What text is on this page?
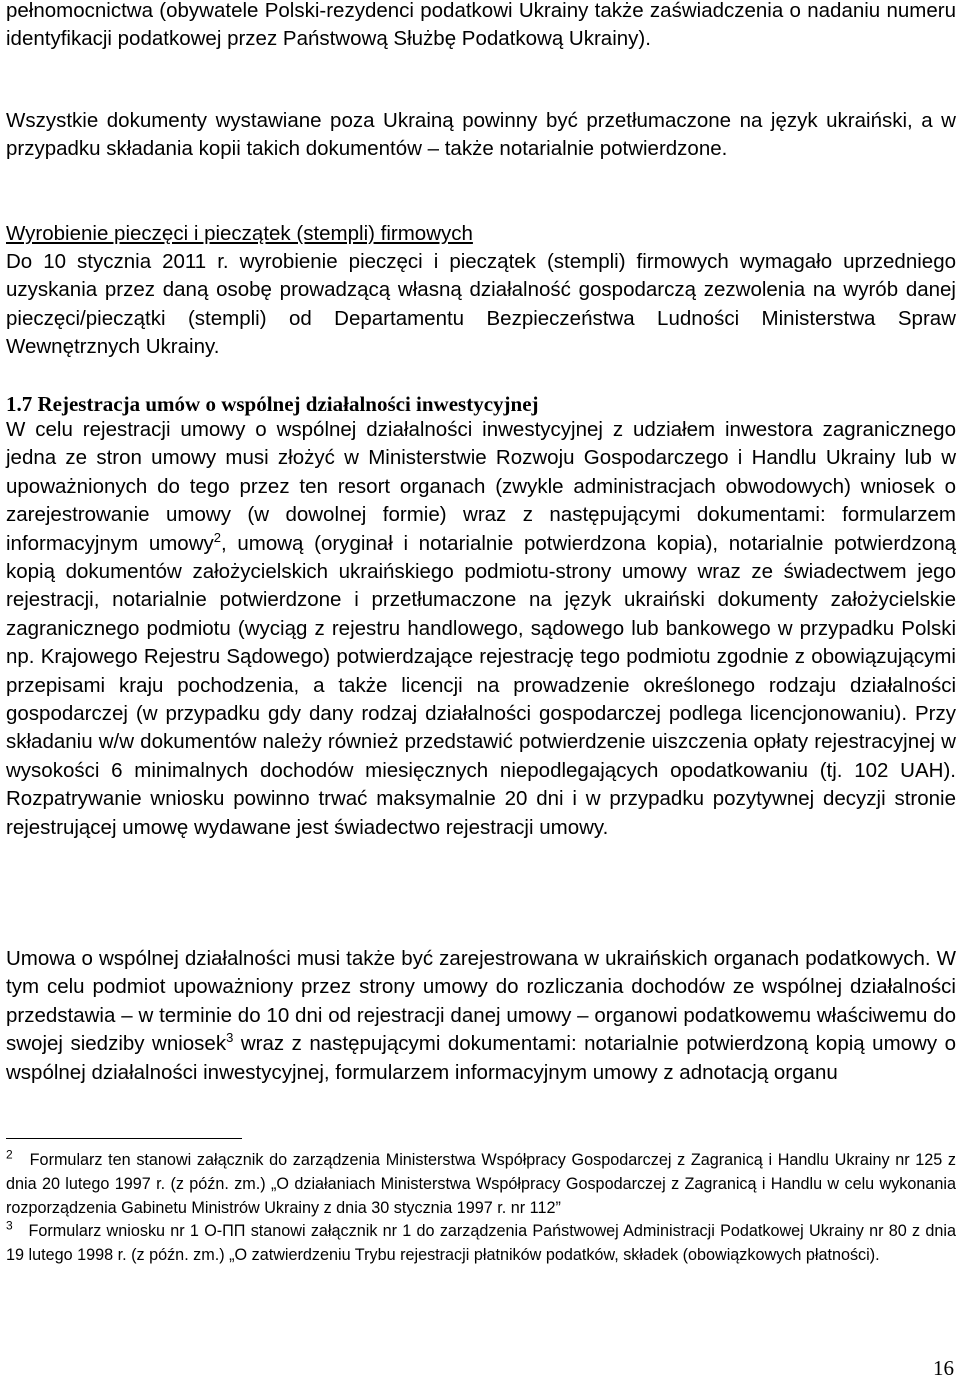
pełnomocnictwa (obywatele Polski-rezydenci podatkowi Ukrainy także zaświadczenia o nadaniu numeru identyfikacji podatkowej przez Państwową Służbę Podatkową Ukrainy).

Wszystkie dokumenty wystawiane poza Ukrainą powinny być przetłumaczone na język ukraiński, a w przypadku składania kopii takich dokumentów – także notarialnie potwierdzone.

Wyrobienie pieczęci i pieczątek (stempli) firmowych

Do 10 stycznia 2011 r. wyrobienie pieczęci i pieczątek (stempli) firmowych wymagało uprzedniego uzyskania przez daną osobę prowadzącą własną działalność gospodarczą zezwolenia na wyrób danej pieczęci/pieczątki (stempli) od Departamentu Bezpieczeństwa Ludności Ministerstwa Spraw Wewnętrznych Ukrainy.

1.7 Rejestracja umów o wspólnej działalności inwestycyjnej

W celu rejestracji umowy o wspólnej działalności inwestycyjnej z udziałem inwestora zagranicznego jedna ze stron umowy musi złożyć w Ministerstwie Rozwoju Gospodarczego i Handlu Ukrainy lub w upoważnionych do tego przez ten resort organach (zwykle administracjach obwodowych) wniosek o zarejestrowanie umowy (w dowolnej formie) wraz z następującymi dokumentami: formularzem informacyjnym umowy$^2$, umową (oryginał i notarialnie potwierdzona kopia), notarialnie potwierdzoną kopią dokumentów założycielskich ukraińskiego podmiotu-strony umowy wraz ze świadectwem jego rejestracji, notarialnie potwierdzone i przetłumaczone na język ukraiński dokumenty założycielskie zagranicznego podmiotu (wyciąg z rejestru handlowego, sądowego lub bankowego w przypadku Polski np. Krajowego Rejestru Sądowego) potwierdzające rejestrację tego podmiotu zgodnie z obowiązującymi przepisami kraju pochodzenia, a także licencji na prowadzenie określonego rodzaju działalności gospodarczej (w przypadku gdy dany rodzaj działalności gospodarczej podlega licencjonowaniu). Przy składaniu w/w dokumentów należy również przedstawić potwierdzenie uiszczenia opłaty rejestracyjnej w wysokości 6 minimalnych dochodów miesięcznych niepodlegających opodatkowaniu (tj. 102 UAH). Rozpatrywanie wniosku powinno trwać maksymalnie 20 dni i w przypadku pozytywnej decyzji stronie rejestrującej umowę wydawane jest świadectwo rejestracji umowy.

Umowa o wspólnej działalności musi także być zarejestrowana w ukraińskich organach podatkowych. W tym celu podmiot upoważniony przez strony umowy do rozliczania dochodów ze wspólnej działalności przedstawia – w terminie do 10 dni od rejestracji danej umowy – organowi podatkowemu właściwemu do swojej siedziby wniosek$^3$ wraz z następującymi dokumentami: notarialnie potwierdzoną kopią umowy o wspólnej działalności inwestycyjnej, formularzem informacyjnym umowy z adnotacją organu

$^2$ Formularz ten stanowi załącznik do zarządzenia Ministerstwa Współpracy Gospodarczej z Zagranicą i Handlu Ukrainy nr 125 z dnia 20 lutego 1997 r. (z późn. zm.) „O działaniach Ministerstwa Współpracy Gospodarczej z Zagranicą i Handlu w celu wykonania rozporządzenia Gabinetu Ministrów Ukrainy z dnia 30 stycznia 1997 r. nr 112”

$^3$ Formularz wniosku nr 1 О-ПП stanowi załącznik nr 1 do zarządzenia Państwowej Administracji Podatkowej Ukrainy nr 80 z dnia 19 lutego 1998 r. (z późn. zm.) „O zatwierdzeniu Trybu rejestracji płatników podatków, składek (obowiązkowych płatności).

16
